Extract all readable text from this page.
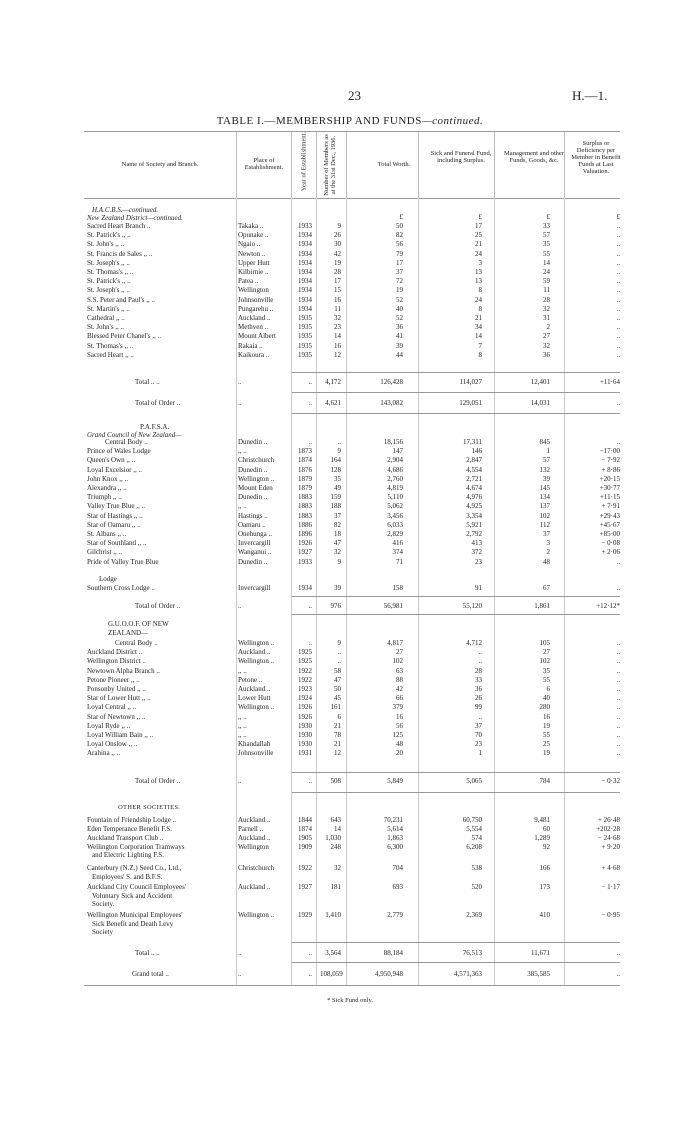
23	H.—1.
TABLE I.—MEMBERSHIP AND FUNDS—continued.
Name of Society and Branch.
Place of Establishment.	Year of Establishment. Number of Members as at the 31st Dec., 1936.	Total Worth.
Sick and Funeral Fund, including Surplus.
Management and other Funds, Goods, &c.
Surplus or Deficiency per Member in Benefit Funds at Last Valuation.
H.A.C.B.S.—continued.
New Zealand District—continued.	£	£	£	£
Sacred Heart Branch ..	Takaka ..	1933	9	50	17	33	..
St. Patrick's ,, ..	Opunake ..	1934	26	82	25	57	..
St. John's ,, ..	Ngaio ..	1934	30	56	21	35	..
St. Francis de Sales ,, ..	Newton ..	1934	42	79	24	55	..
St. Joseph's ,, ..	Upper Hutt	1934	19	17	3	14	..
St. Thomas's ,, ..	Kilbirnie ..	1934	28	37	13	24	..
St. Patrick's ,, ..	Patea ..	1934	17	72	13	59	..
St. Joseph's ,, ..	Wellington	1934	15	19	8	11	..
S.S. Peter and Paul's ,, ..	Johnsonville	1934	16	52	24	28	..
St. Martin's ,, ..	Pungarehu ..	1934	11	40	8	32	..
Cathedral ,, ..	Auckland ..	1935	32	52	21	31	..
St. John's ,, ..	Methven ..	1935	23	36	34	2	..
Blessed Peter Chanel's ,, ..	Mount Albert	1935	14	41	14	27	..
St. Thomas's ,, ..	Rakaia ..	1935	16	39	7	32	..
Sacred Heart ,, ..	Kaikoura ..	1935	12	44	8	36	..
Total .. ..	..	..	4,172	126,428	114,027	12,401	+11·64
Total of Order ..	..	..	4,621	143,082	129,051	14,031	..
P.A.F.S.A.
Grand Council of New Zealand—
Central Body ..	Dunedin ..	..	..	18,156	17,311	845	..
Prince of Wales Lodge	,, ..	1873	9	147	146	1	−17·00
Queen's Own ,, ..	Christchurch	1874	164	2,904	2,847	57	− 7·92
Loyal Excelsior ,, ..	Dunedin ..	1876	128	4,686	4,554	132	+ 8·86
John Knox ,, ..	Wellington ..	1879	35	2,760	2,721	39	+20·15
Alexandra ,, ..	Mount Eden	1879	49	4,819	4,674	145	+30·77
Triumph ,, ..	Dunedin ..	1883	159	5,110	4,976	134	+11·15
Valley True Blue ,, ..	,, ..	1883	188	5,062	4,925	137	+ 7·91
Star of Hastings ,, ..	Hastings ..	1883	37	3,456	3,354	102	+29·43
Star of Oamaru ,, ..	Oamaru ..	1886	82	6,033	5,921	112	+45·67
St. Albans ,, ..	Onehunga ..	1896	18	2,829	2,792	37	+85·00
Star of Southland ,, ..	Invercargill	1926	47	416	413	3	− 0·08
Gilchrist ,, ..	Wanganui ..	1927	32	374	372	2	+ 2·06
Pride of Valley True Blue	Dunedin ..	1933	9	71	23	48	..
Lodge
Southern Cross Lodge ..	Invercargill	1934	39	158	91	67	..
Total of Order ..	..	..	976	56,981	55,120	1,861	+12·12*
G.U.O.O.F. OF NEW
ZEALAND—
Central Body ..	Wellington ..	..	9	4,817	4,712	105	..
Auckland District ..	Auckland ..	1925	..	27	..	27	..
Wellington District ..	Wellington ..	1925	..	102	..	102	..
Newtown Alpha Branch ..	,, ..	1922	58	63	28	35	..
Petone Pioneer ,, ..	Petone ..	1922	47	88	33	55	..
Ponsonby United ,, ..	Auckland ..	1923	50	42	36	6	..
Star of Lower Hutt ,, ..	Lower Hutt	1924	45	66	26	40	..
Loyal Central ,, ..	Wellington ..	1926	161	379	99	280	..
Star of Newtown ,, ..	,, ..	1926	6	16	..	16	..
Loyal Ryde ,, ..	,, ..	1930	21	56	37	19	..
Loyal William Bain ,, ..	,, ..	1930	78	125	70	55	..
Loyal Onslow ,, ..	Khandallah	1930	21	48	23	25	..
Arahina ,, ..	Johnsonville	1931	12	20	1	19	..
Total of Order ..	..	..	508	5,849	5,065	784	− 0·32
OTHER SOCIETIES.
Fountain of Friendship Lodge ..	Auckland ..	1844	643	70,231	60,750	9,481	+ 26·48
Eden Temperance Benefit F.S.	Parnell ..	1874	14	5,614	5,554	60	+202·28
Auckland Transport Club ..	Auckland ..	1905	1,030	1,863	574	1,289	− 24·68
Wellington Corporation Tramways	Wellington	1909	248	6,300	6,208	92	+ 9·20
and Electric Lighting F.S.
Canterbury (N.Z.) Seed Co., Ltd.,	Christchurch	1922	32	704	538	166	+ 4·68
Employees' S. and B.F.S.
Auckland City Council Employees'	Auckland ..	1927	181	693	520	173	− 1·17
Voluntary Sick and Accident
Society.
Wellington Municipal Employees'	Wellington ..	1929	1,410	2,779	2,369	410	− 0·95
Sick Benefit and Death Levy
Society
Total .. ..	..	..	3,564	88,184	76,513	11,671	..
Grand total ..	..	.. 108,059	4,950,948	4,571,363	385,585	..
* Sick Fund only.
